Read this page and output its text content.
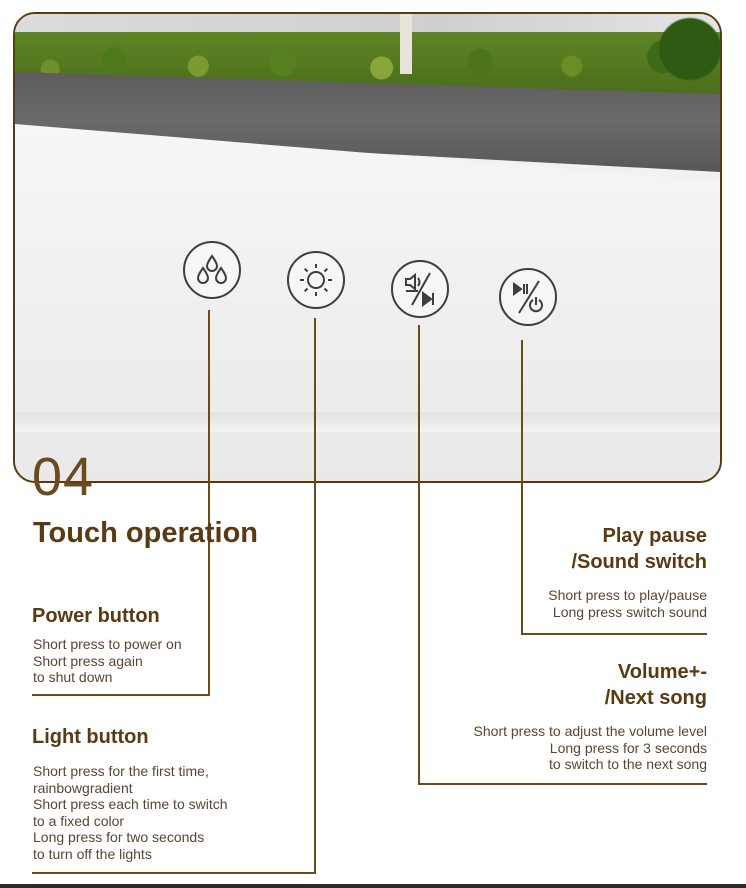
04
Touch operation
Power button
Short press to power on
Short press again
to shut down
Light button
Short press for the first time,
rainbowgradient
Short press each time to switch
to a fixed color
Long press for two seconds
to turn off the lights
Play pause
/Sound switch
Short press to play/pause
Long press switch sound
Volume+-
/Next song
Short press to adjust the volume level
Long press for 3 seconds
to switch to the next song
